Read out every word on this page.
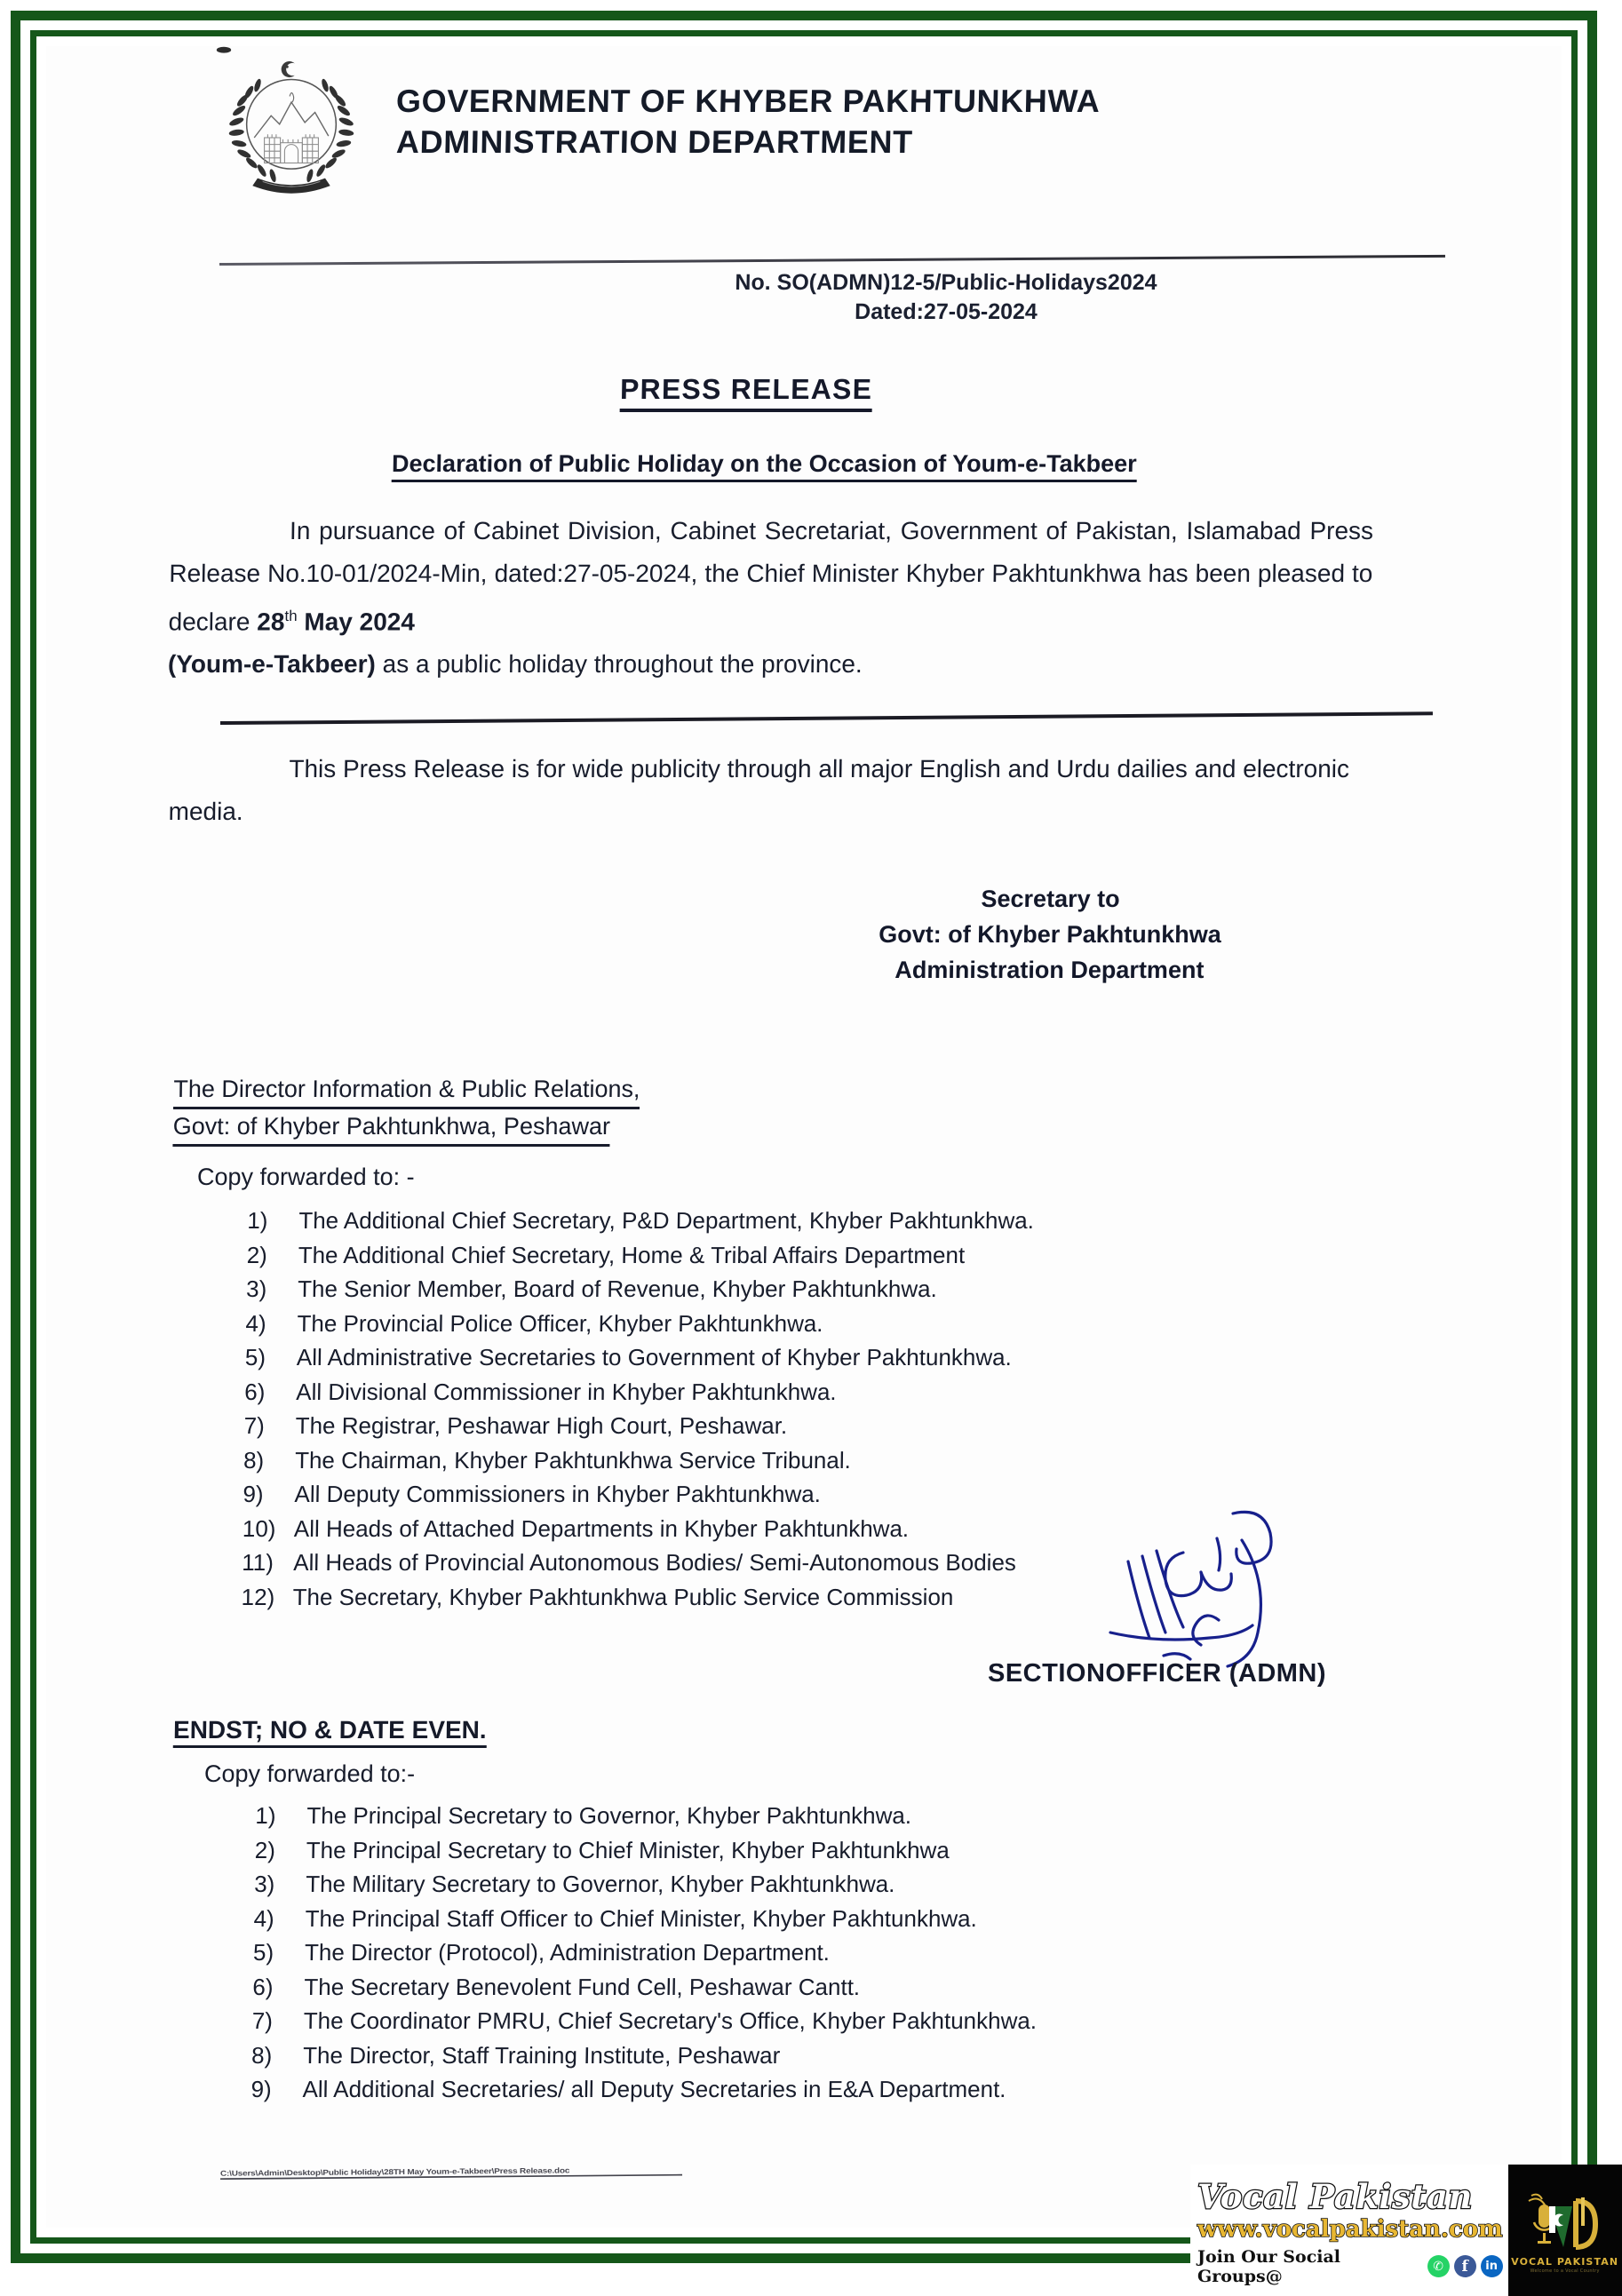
GOVERNMENT OF KHYBER PAKHTUNKHWA
ADMINISTRATION DEPARTMENT
No. SO(ADMN)12-5/Public-Holidays2024
Dated:27-05-2024
PRESS RELEASE
Declaration of Public Holiday on the Occasion of Youm-e-Takbeer
In pursuance of Cabinet Division, Cabinet Secretariat, Government of Pakistan, Islamabad Press Release No.10-01/2024-Min, dated:27-05-2024, the Chief Minister Khyber Pakhtunkhwa has been pleased to declare 28th May 2024
(Youm-e-Takbeer) as a public holiday throughout the province.
This Press Release is for wide publicity through all major English and Urdu dailies and electronic media.
Secretary to
Govt: of Khyber Pakhtunkhwa
Administration Department
The Director Information & Public Relations,
Govt: of Khyber Pakhtunkhwa, Peshawar
Copy forwarded to: -
1)	The Additional Chief Secretary, P&D Department, Khyber Pakhtunkhwa.
2)	The Additional Chief Secretary, Home & Tribal Affairs Department
3)	The Senior Member, Board of Revenue, Khyber Pakhtunkhwa.
4)	The Provincial Police Officer, Khyber Pakhtunkhwa.
5)	All Administrative Secretaries to Government of Khyber Pakhtunkhwa.
6)	All Divisional Commissioner in Khyber Pakhtunkhwa.
7)	The Registrar, Peshawar High Court, Peshawar.
8)	The Chairman, Khyber Pakhtunkhwa Service Tribunal.
9)	All Deputy Commissioners in Khyber Pakhtunkhwa.
10) All Heads of Attached Departments in Khyber Pakhtunkhwa.
11) All Heads of Provincial Autonomous Bodies/ Semi-Autonomous Bodies
12) The Secretary, Khyber Pakhtunkhwa Public Service Commission
SECTIONOFFICER (ADMN)
ENDST; NO & DATE EVEN.
Copy forwarded to:-
1)	The Principal Secretary to Governor, Khyber Pakhtunkhwa.
2)	The Principal Secretary to Chief Minister, Khyber Pakhtunkhwa
3)	The Military Secretary to Governor, Khyber Pakhtunkhwa.
4)	The Principal Staff Officer to Chief Minister, Khyber Pakhtunkhwa.
5)	The Director (Protocol), Administration Department.
6)	The Secretary Benevolent Fund Cell, Peshawar Cantt.
7)	The Coordinator PMRU, Chief Secretary's Office, Khyber Pakhtunkhwa.
8)	The Director, Staff Training Institute, Peshawar
9)	All Additional Secretaries/ all Deputy Secretaries in E&A Department.
C:\Users\Admin\Desktop\Public Holiday\28TH May Youm-e-Takbeer\Press Release.doc
Vocal Pakistan
www.vocalpakistan.com
Join Our Social Groups@	✆	f	in	VOCAL PAKISTAN
Welcome to a Vocal Country
